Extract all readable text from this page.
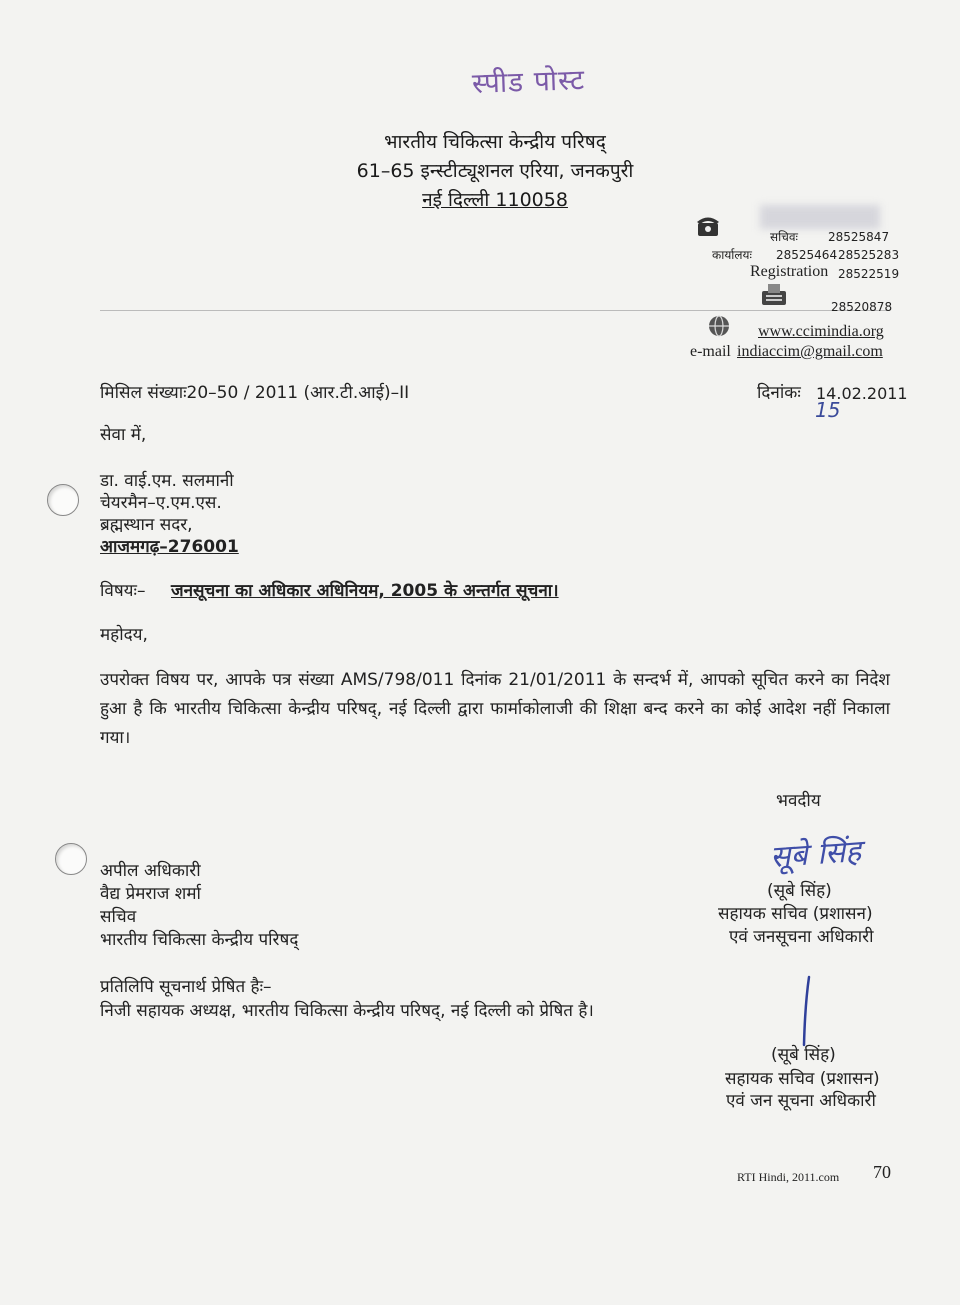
स्पीड पोस्ट
भारतीय चिकित्सा केन्द्रीय परिषद्
61–65 इन्स्टीट्यूशनल एरिया, जनकपुरी
नई दिल्ली 110058
सचिवः	28525847
कार्यालयः 28525464 28525283
Registration 28522519
28520878
www.ccimindia.org
e-mail indiaccim@gmail.com
मिसिल संख्याः20–50 / 2011 (आर.टी.आई)–II	दिनांकः 14.02.2011
15
सेवा में,
डा. वाई.एम. सलमानी
चेयरमैन–ए.एम.एस.
ब्रह्मस्थान सदर,
आजमगढ़–276001
विषयः– जनसूचना का अधिकार अधिनियम, 2005 के अन्तर्गत सूचना।
महोदय,
उपरोक्त विषय पर, आपके पत्र संख्या AMS/798/011 दिनांक 21/01/2011 के सन्दर्भ में, आपको सूचित करने का निदेश हुआ है कि भारतीय चिकित्सा केन्द्रीय परिषद्, नई दिल्ली द्वारा फार्माकोलाजी की शिक्षा बन्द करने का कोई आदेश नहीं निकाला गया।
भवदीय
सूबे सिंह
(सूबे सिंह)
सहायक सचिव (प्रशासन)
एवं जनसूचना अधिकारी
अपील अधिकारी
वैद्य प्रेमराज शर्मा
सचिव
भारतीय चिकित्सा केन्द्रीय परिषद्
प्रतिलिपि सूचनार्थ प्रेषित हैः–
निजी सहायक अध्यक्ष, भारतीय चिकित्सा केन्द्रीय परिषद्, नई दिल्ली को प्रेषित है।
(सूबे सिंह)
सहायक सचिव (प्रशासन)
एवं जन सूचना अधिकारी
RTI Hindi, 2011.com 70
